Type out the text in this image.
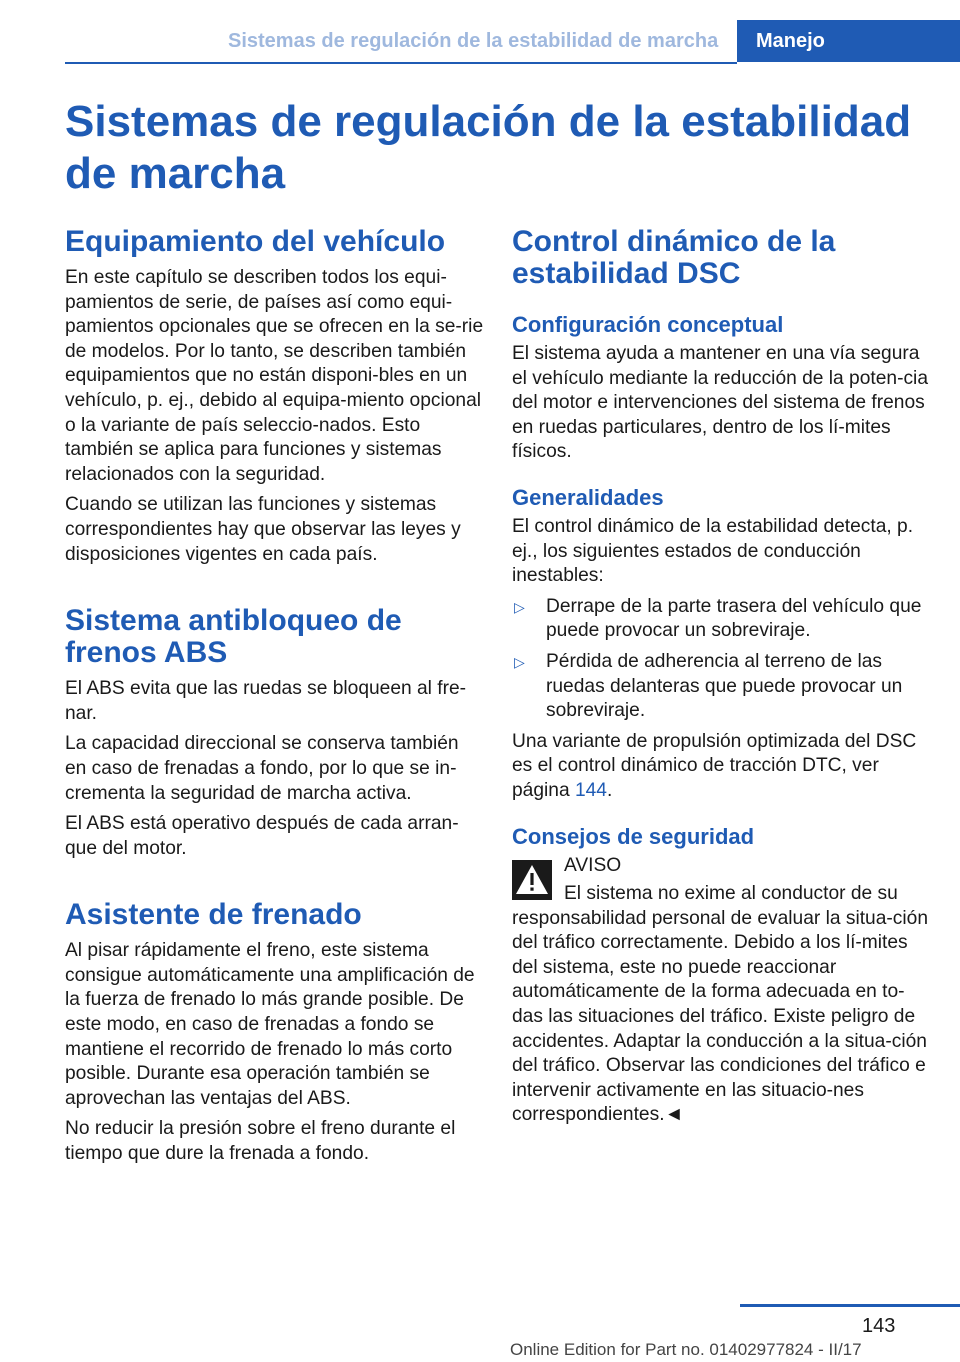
Sistemas de regulación de la estabilidad de marcha Manejo
Sistemas de regulación de la estabilidad de marcha
Equipamiento del vehículo

En este capítulo se describen todos los equi-pamientos de serie, de países así como equi-pamientos opcionales que se ofrecen en la se-rie de modelos. Por lo tanto, se describen también equipamientos que no están disponi-bles en un vehículo, p. ej., debido al equipa-miento opcional o la variante de país seleccio-nados. Esto también se aplica para funciones y sistemas relacionados con la seguridad.

Cuando se utilizan las funciones y sistemas correspondientes hay que observar las leyes y disposiciones vigentes en cada país.

Sistema antibloqueo de frenos ABS

El ABS evita que las ruedas se bloqueen al fre-nar.

La capacidad direccional se conserva también en caso de frenadas a fondo, por lo que se in-crementa la seguridad de marcha activa.

El ABS está operativo después de cada arran-que del motor.

Asistente de frenado

Al pisar rápidamente el freno, este sistema consigue automáticamente una amplificación de la fuerza de frenado lo más grande posible. De este modo, en caso de frenadas a fondo se mantiene el recorrido de frenado lo más corto posible. Durante esa operación también se aprovechan las ventajas del ABS.

No reducir la presión sobre el freno durante el tiempo que dure la frenada a fondo.

Control dinámico de la estabilidad DSC
Configuración conceptual

El sistema ayuda a mantener en una vía segura el vehículo mediante la reducción de la poten-cia del motor e intervenciones del sistema de frenos en ruedas particulares, dentro de los lí-mites físicos.

Generalidades

El control dinámico de la estabilidad detecta, p. ej., los siguientes estados de conducción inestables:

▷ Derrape de la parte trasera del vehículo que puede provocar un sobreviraje.
▷ Pérdida de adherencia al terreno de las ruedas delanteras que puede provocar un sobreviraje.

Una variante de propulsión optimizada del DSC es el control dinámico de tracción DTC, ver página 144.

Consejos de seguridad

AVISO

El sistema no exime al conductor de su responsabilidad personal de evaluar la situa-ción del tráfico correctamente. Debido a los lí-mites del sistema, este no puede reaccionar automáticamente de la forma adecuada en to-das las situaciones del tráfico. Existe peligro de accidentes. Adaptar la conducción a la situa-ción del tráfico. Observar las condiciones del tráfico e intervenir activamente en las situacio-nes correspondientes.◄

143
Online Edition for Part no. 01402977824 - II/17
